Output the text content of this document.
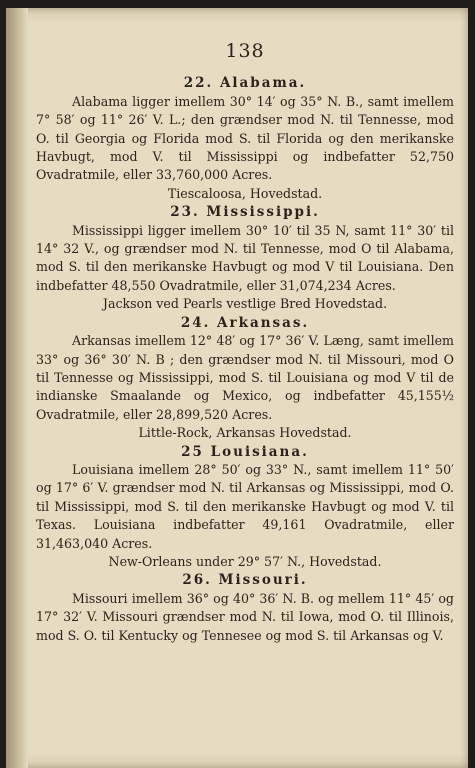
138
22. Alabama.

Alabama ligger imellem 30° 14′ og 35° N. B., samt imellem 7° 58′ og 11° 26′ V. L.; den grændser mod N. til Tennesse, mod O. til Georgia og Florida mod S. til Florida og den merikanske Havbugt, mod V. til Mississippi og indbefatter 52,750 Ovadratmile, eller 33,760,000 Acres.

Tiescaloosa, Hovedstad.

23. Mississippi.

Mississippi ligger imellem 30° 10′ til 35 N, samt 11° 30′ til 14° 32 V., og grændser mod N. til Tennesse, mod O til Alabama, mod S. til den merikanske Havbugt og mod V til Louisiana. Den indbefatter 48,550 Ovadratmile, eller 31,074,234 Acres.

Jackson ved Pearls vestlige Bred Hovedstad.

24. Arkansas.

Arkansas imellem 12° 48′ og 17° 36′ V. Læng, samt imellem 33° og 36° 30′ N. B ; den grændser mod N. til Missouri, mod O til Tennesse og Mississippi, mod S. til Louisiana og mod V til de indianske Smaalande og Mexico, og indbefatter 45,155½ Ovadratmile, eller 28,899,520 Acres.

Little-Rock, Arkansas Hovedstad.

25 Louisiana.

Louisiana imellem 28° 50′ og 33° N., samt imellem 11° 50′ og 17° 6′ V. grændser mod N. til Arkansas og Mississippi, mod O. til Mississippi, mod S. til den merikanske Havbugt og mod V. til Texas. Louisiana indbefatter 49,161 Ovadratmile, eller 31,463,040 Acres.

New-Orleans under 29° 57′ N., Hovedstad.

26. Missouri.

Missouri imellem 36° og 40° 36′ N. B. og mellem 11° 45′ og 17° 32′ V. Missouri grændser mod N. til Iowa, mod O. til Illinois, mod S. O. til Kentucky og Tennesee og mod S. til Arkansas og V.
